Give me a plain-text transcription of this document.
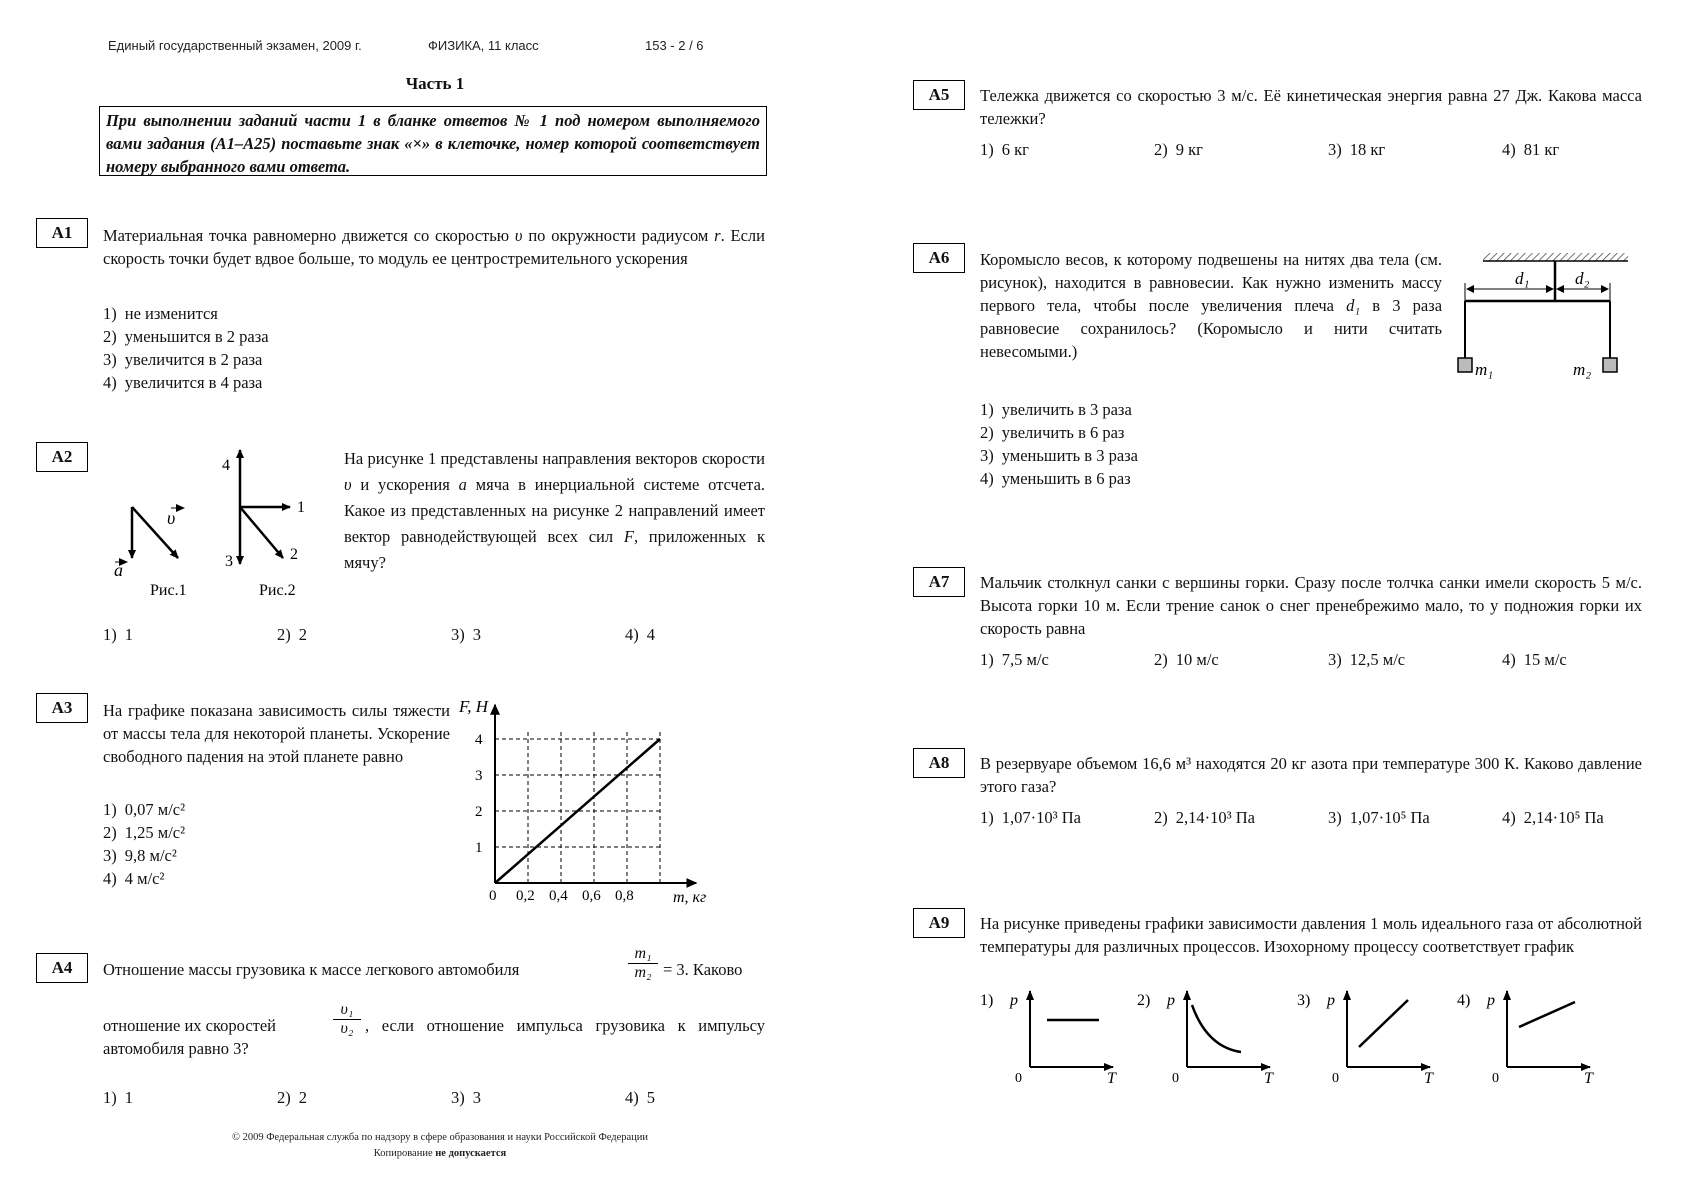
Единый государственный экзамен, 2009 г.	ФИЗИКА, 11 класс	153 - 2 / 6
Часть 1
При выполнении заданий части 1 в бланке ответов № 1 под номером выполняемого вами задания (А1–А25) поставьте знак «×» в клеточке, номер которой соответствует номеру выбранного вами ответа.
А1	Материальная точка равномерно движется со скоростью υ по окружности радиусом r. Если скорость точки будет вдвое больше, то модуль ее центростремительного ускорения
1) не изменится
2) уменьшится в 2 раза
3) увеличится в 2 раза
4) увеличится в 4 раза
А2
υ
a
Рис.1
4
1
3	2
Рис.2
На рисунке 1 представлены направления векторов скорости υ и ускорения a мяча в инерциальной системе отсчета. Какое из представленных на рисунке 2 направлений имеет вектор равнодействующей всех сил F, приложенных к мячу?
1) 1	2) 2	3) 3	4) 4
А3	На графике показана зависимость силы тяжести от массы тела для некоторой планеты. Ускорение свободного падения на этой планете равно
1) 0,07 м/с²
2) 1,25 м/с²
3) 9,8 м/с²
4) 4 м/с²
0,2 0,4 0,6 0,8
1
2
3
4
F, Н
m, кг
0
А4	Отношение массы грузовика к массе легкового автомобиля	$\frac{\text{m₁}}{\text{m₂}} = 3$. Каково
отношение их скоростей	$\frac{\text{υ₁}}{\text{υ₂}}$ , если отношение импульса грузовика к импульсу автомобиля равно 3?
1) 1	2) 2	3) 3	4) 5
© 2009 Федеральная служба по надзору в сфере образования и науки Российской Федерации
Копирование не допускается
А5	Тележка движется со скоростью 3 м/с. Её кинетическая энергия равна 27 Дж. Какова масса тележки?
1) 6 кг	2) 9 кг	3) 18 кг	4) 81 кг
А6	Коромысло весов, к которому подвешены на нитях два тела (см. рисунок), находится в равновесии. Как нужно изменить массу первого тела, чтобы после увеличения плеча d₁ в 3 раза равновесие сохранилось? (Коромысло и нити считать невесомыми.)
d₁	d₂
m₁	m₂
1) увеличить в 3 раза
2) увеличить в 6 раз
3) уменьшить в 3 раза
4) уменьшить в 6 раз
А7	Мальчик столкнул санки с вершины горки. Сразу после толчка санки имели скорость 5 м/с. Высота горки 10 м. Если трение санок о снег пренебрежимо мало, то у подножия горки их скорость равна
1) 7,5 м/с	2) 10 м/с	3) 12,5 м/с	4) 15 м/с
А8	В резервуаре объемом 16,6 м³ находятся 20 кг азота при температуре 300 К. Каково давление этого газа?
1) 1,07·10³ Па	2) 2,14·10³ Па	3) 1,07·10⁵ Па	4) 2,14·10⁵ Па
А9	На рисунке приведены графики зависимости давления 1 моль идеального газа от абсолютной температуры для различных процессов. Изохорному процессу соответствует график
1) p
0	T
2) p
0	T
3) p
0	T
4) p
0	T
